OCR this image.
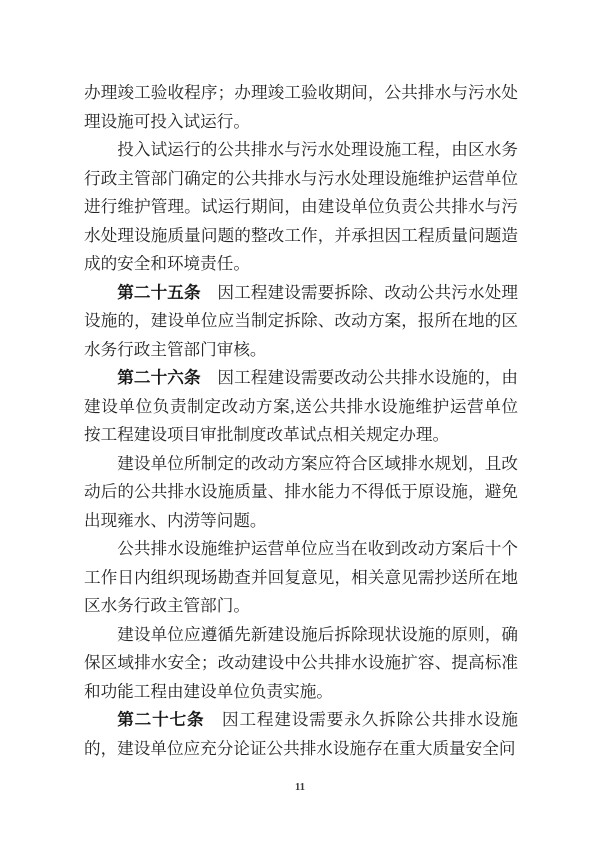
办理竣工验收程序；办理竣工验收期间，公共排水与污水处
理设施可投入试运行。
投入试运行的公共排水与污水处理设施工程，由区水务
行政主管部门确定的公共排水与污水处理设施维护运营单位
进行维护管理。试运行期间，由建设单位负责公共排水与污
水处理设施质量问题的整改工作，并承担因工程质量问题造
成的安全和环境责任。
第二十五条　因工程建设需要拆除、改动公共污水处理
设施的，建设单位应当制定拆除、改动方案，报所在地的区
水务行政主管部门审核。
第二十六条　因工程建设需要改动公共排水设施的，由
建设单位负责制定改动方案,送公共排水设施维护运营单位
按工程建设项目审批制度改革试点相关规定办理。
建设单位所制定的改动方案应符合区域排水规划，且改
动后的公共排水设施质量、排水能力不得低于原设施，避免
出现雍水、内涝等问题。
公共排水设施维护运营单位应当在收到改动方案后十个
工作日内组织现场勘查并回复意见，相关意见需抄送所在地
区水务行政主管部门。
建设单位应遵循先新建设施后拆除现状设施的原则，确
保区域排水安全；改动建设中公共排水设施扩容、提高标准
和功能工程由建设单位负责实施。
第二十七条　因工程建设需要永久拆除公共排水设施
的，建设单位应充分论证公共排水设施存在重大质量安全问
11
